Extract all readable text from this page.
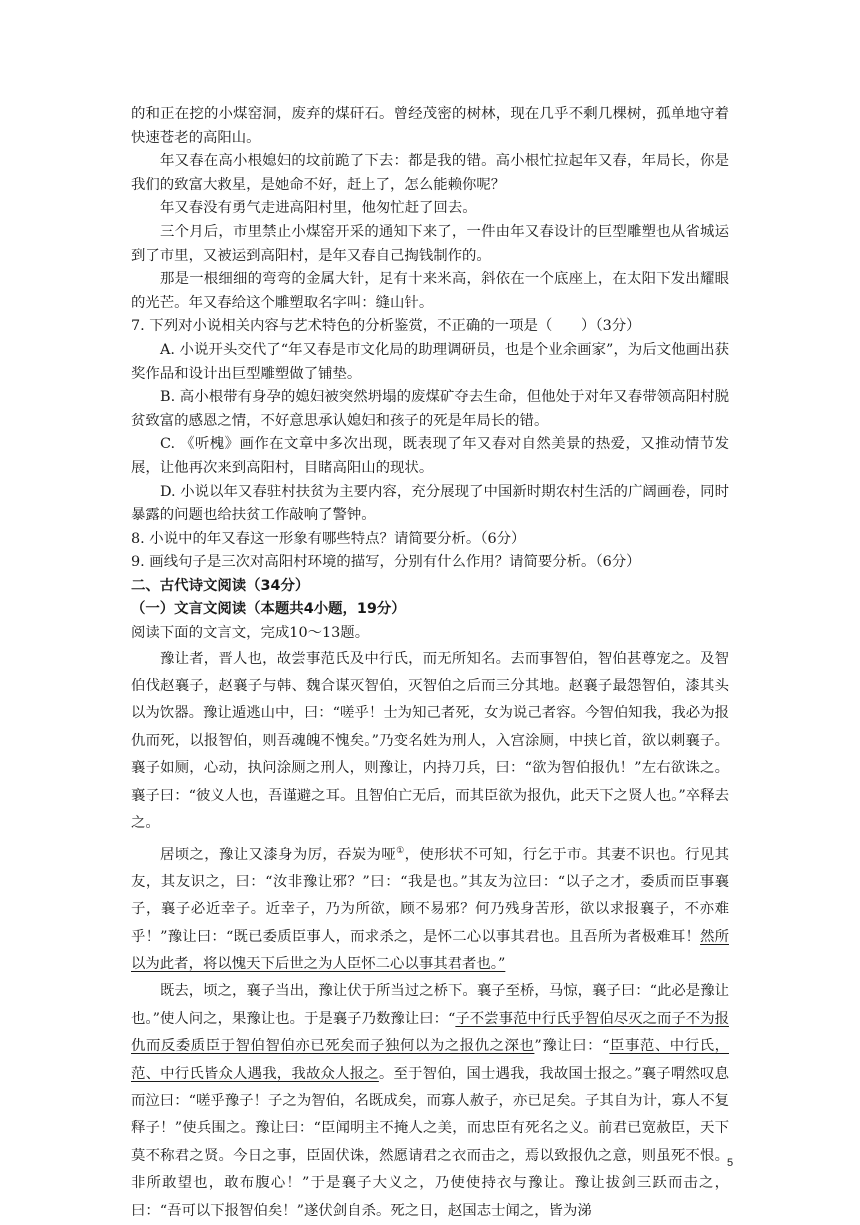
的和正在挖的小煤窑洞，废弃的煤矸石。曾经茂密的树林，现在几乎不剩几棵树，孤单地守着快速苍老的高阳山。

年又春在高小根媳妇的坟前跪了下去：都是我的错。高小根忙拉起年又春，年局长，你是我们的致富大救星，是她命不好，赶上了，怎么能赖你呢？

年又春没有勇气走进高阳村里，他匆忙赶了回去。

三个月后，市里禁止小煤窑开采的通知下来了，一件由年又春设计的巨型雕塑也从省城运到了市里，又被运到高阳村，是年又春自己掏钱制作的。

那是一根细细的弯弯的金属大针，足有十来米高，斜依在一个底座上，在太阳下发出耀眼的光芒。年又春给这个雕塑取名字叫：缝山针。

7. 下列对小说相关内容与艺术特色的分析鉴赏，不正确的一项是（　　）（3分）

A. 小说开头交代了“年又春是市文化局的助理调研员，也是个业余画家”，为后文他画出获奖作品和设计出巨型雕塑做了铺垫。

B. 高小根带有身孕的媳妇被突然坍塌的废煤矿夺去生命，但他处于对年又春带领高阳村脱贫致富的感恩之情，不好意思承认媳妇和孩子的死是年局长的错。

C. 《听槐》画作在文章中多次出现，既表现了年又春对自然美景的热爱，又推动情节发展，让他再次来到高阳村，目睹高阳山的现状。

D. 小说以年又春驻村扶贫为主要内容，充分展现了中国新时期农村生活的广阔画卷，同时暴露的问题也给扶贫工作敲响了警钟。

8. 小说中的年又春这一形象有哪些特点？请简要分析。（6分）

9. 画线句子是三次对高阳村环境的描写，分别有什么作用？请简要分析。（6分）

二、古代诗文阅读（34分）

（一）文言文阅读（本题共4小题，19分）

阅读下面的文言文，完成10～13题。

豫让者，晋人也，故尝事范氏及中行氏，而无所知名。去而事智伯，智伯甚尊宠之。及智伯伐赵襄子，赵襄子与韩、魏合谋灭智伯，灭智伯之后而三分其地。赵襄子最怨智伯，漆其头以为饮器。豫让遁逃山中，曰：“嗟乎！士为知己者死，女为说己者容。今智伯知我，我必为报仇而死，以报智伯，则吾魂魄不愧矣。”乃变名姓为刑人，入宫涂厕，中挟匕首，欲以刺襄子。襄子如厕，心动，执问涂厕之刑人，则豫让，内持刀兵，曰：“欲为智伯报仇！”左右欲诛之。襄子曰：“彼义人也，吾谨避之耳。且智伯亡无后，而其臣欲为报仇，此天下之贤人也。”卒释去之。

居顷之，豫让又漆身为厉，吞炭为哑①，使形状不可知，行乞于市。其妻不识也。行见其友，其友识之，曰：“汝非豫让邪？”曰：“我是也。”其友为泣曰：“以子之才，委质而臣事襄子，襄子必近幸子。近幸子，乃为所欲，顾不易邪？何乃残身苦形，欲以求报襄子，不亦难乎！”豫让曰：“既已委质臣事人，而求杀之，是怀二心以事其君也。且吾所为者极难耳！然所以为此者，将以愧天下后世之为人臣怀二心以事其君者也。”

既去，顷之，襄子当出，豫让伏于所当过之桥下。襄子至桥，马惊，襄子曰：“此必是豫让也。”使人问之，果豫让也。于是襄子乃数豫让曰：“子不尝事范中行氏乎智伯尽灭之而子不为报仇而反委质臣于智伯智伯亦已死矣而子独何以为之报仇之深也”豫让曰：“臣事范、中行氏，范、中行氏皆众人遇我，我故众人报之。至于智伯，国士遇我，我故国士报之。”襄子喟然叹息而泣曰：“嗟乎豫子！子之为智伯，名既成矣，而寡人赦子，亦已足矣。子其自为计，寡人不复释子！”使兵围之。豫让曰：“臣闻明主不掩人之美，而忠臣有死名之义。前君已宽赦臣，天下莫不称君之贤。今日之事，臣固伏诛，然愿请君之衣而击之，焉以致报仇之意，则虽死不恨。非所敢望也，敢布腹心！”于是襄子大义之，乃使使持衣与豫让。豫让拔剑三跃而击之，曰：“吾可以下报智伯矣！”遂伏剑自杀。死之日，赵国志士闻之，皆为涕

5
